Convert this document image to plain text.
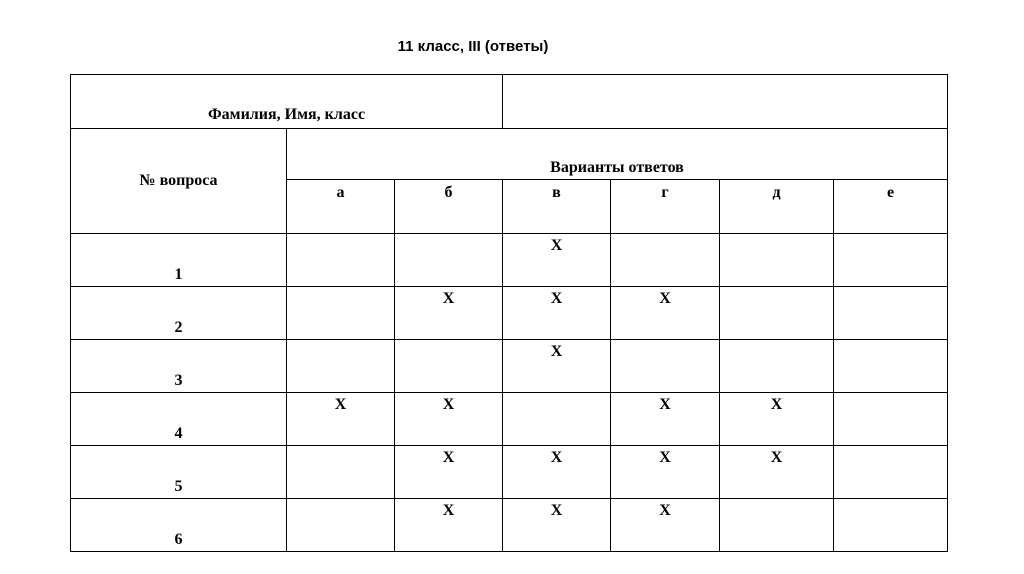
11 класс, III (ответы)
Фамилия, Имя, класс						
№ вопроса	Варианты ответов					
	а	б	в	г	д	е
1			X			
2		X	X	X		
3			X			
4	X	X		X	X	
5		X	X	X	X	
6		X	X	X		
